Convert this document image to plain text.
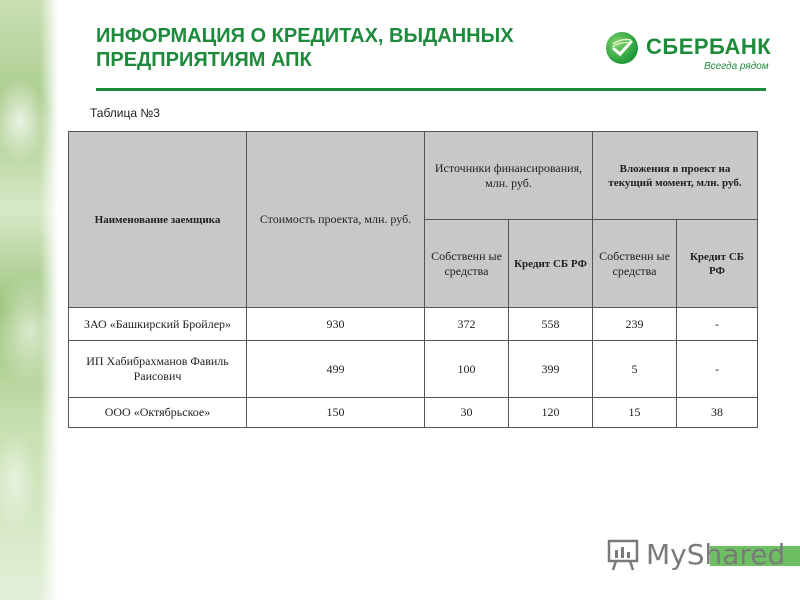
ИНФОРМАЦИЯ О КРЕДИТАХ, ВЫДАННЫХ
ПРЕДПРИЯТИЯМ АПК
СБЕРБАНК
Всегда рядом
Таблица №3
Наименование заемщика	Стоимость проекта, млн. руб.	Источники финансирования, млн. руб.		Вложения в проект на текущий момент, млн. руб.	
		Собственн ые средства	Кредит СБ РФ	Собственн ые средства	Кредит СБ РФ
ЗАО «Башкирский Бройлер»	930	372	558	239	-
ИП Хабибрахманов Фавиль Раисович	499	100	399	5	-
ООО «Октябрьское»	150	30	120	15	38
MyShared
